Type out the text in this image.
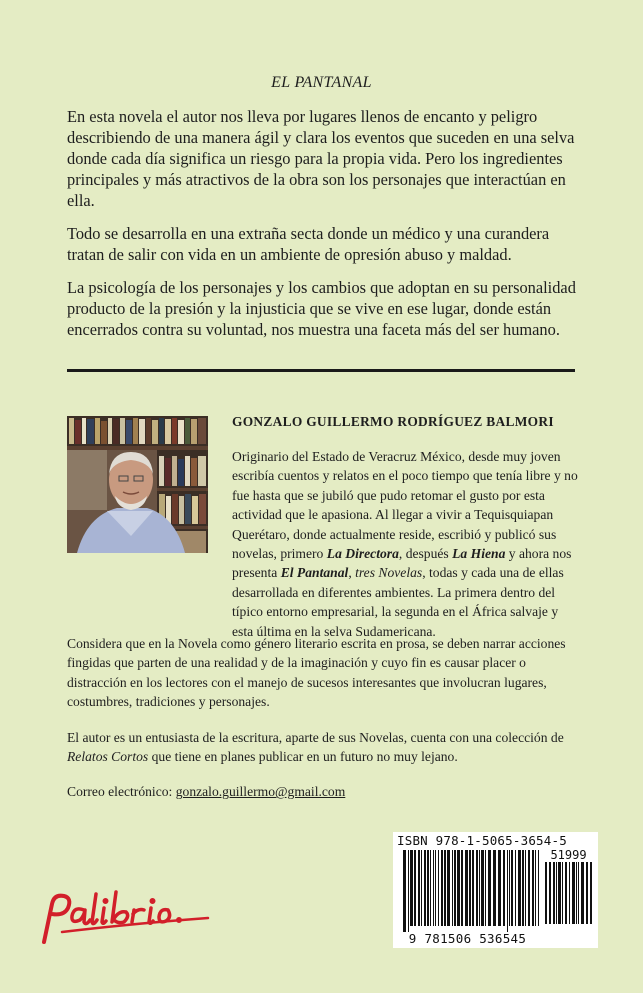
EL PANTANAL

En esta novela el autor nos lleva por lugares llenos de encanto y peligro describiendo de una manera ágil y clara los eventos que suceden en una selva donde cada día significa un riesgo para la propia vida. Pero los ingredientes principales y más atractivos de la obra son los personajes que interactúan en ella.

Todo se desarrolla en una extraña secta donde un médico y una curandera tratan de salir con vida en un ambiente de opresión abuso y maldad.

La psicología de los personajes y los cambios que adoptan en su personalidad producto de la presión y la injusticia que se vive en ese lugar, donde están encerrados contra su voluntad, nos muestra una faceta más del ser humano.

GONZALO GUILLERMO RODRÍGUEZ BALMORI
Originario del Estado de Veracruz México, desde muy joven escribía cuentos y relatos en el poco tiempo que tenía libre y no fue hasta que se jubiló que pudo retomar el gusto por esta actividad que le apasiona. Al llegar a vivir a Tequisquiapan Querétaro, donde actualmente reside, escribió y publicó sus novelas, primero La Directora, después La Hiena y ahora nos presenta El Pantanal, tres Novelas, todas y cada una de ellas desarrollada en diferentes ambientes. La primera dentro del típico entorno empresarial, la segunda en el África salvaje y esta última en la selva Sudamericana.

Considera que en la Novela como género literario escrita en prosa, se deben narrar acciones fingidas que parten de una realidad y de la imaginación y cuyo fin es causar placer o distracción en los lectores con el manejo de sucesos interesantes que involucran lugares, costumbres, tradiciones y personajes.

El autor es un entusiasta de la escritura, aparte de sus Novelas, cuenta con una colección de Relatos Cortos que tiene en planes publicar en un futuro no muy lejano.

Correo electrónico: gonzalo.guillermo@gmail.com

ISBN 978-1-5065-3654-5
51999
9 781506 536545
